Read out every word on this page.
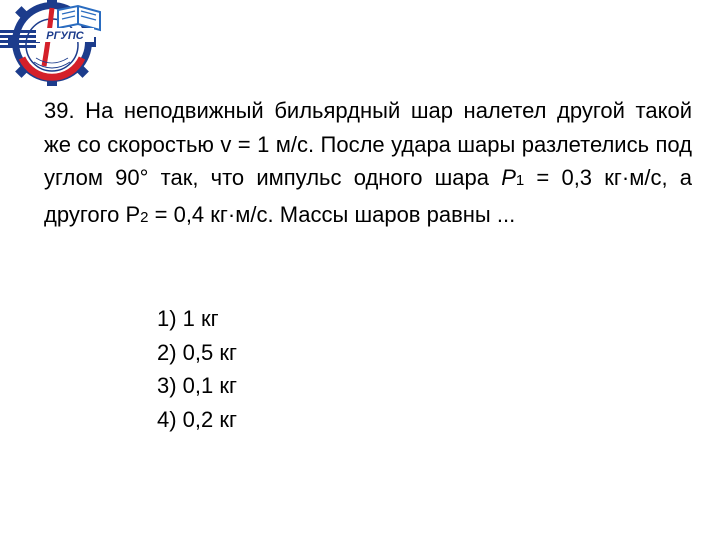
РГУПС

39. На неподвижный бильярдный шар налетел другой такой же со скоростью v = 1 м/с. После удара шары разлетелись под углом 90° так, что импульс одного шара P1 = 0,3 кг·м/с, а другого Р2 = 0,4 кг·м/с. Массы шаров равны ...

1) 1 кг
2) 0,5 кг
3) 0,1 кг
4) 0,2 кг
